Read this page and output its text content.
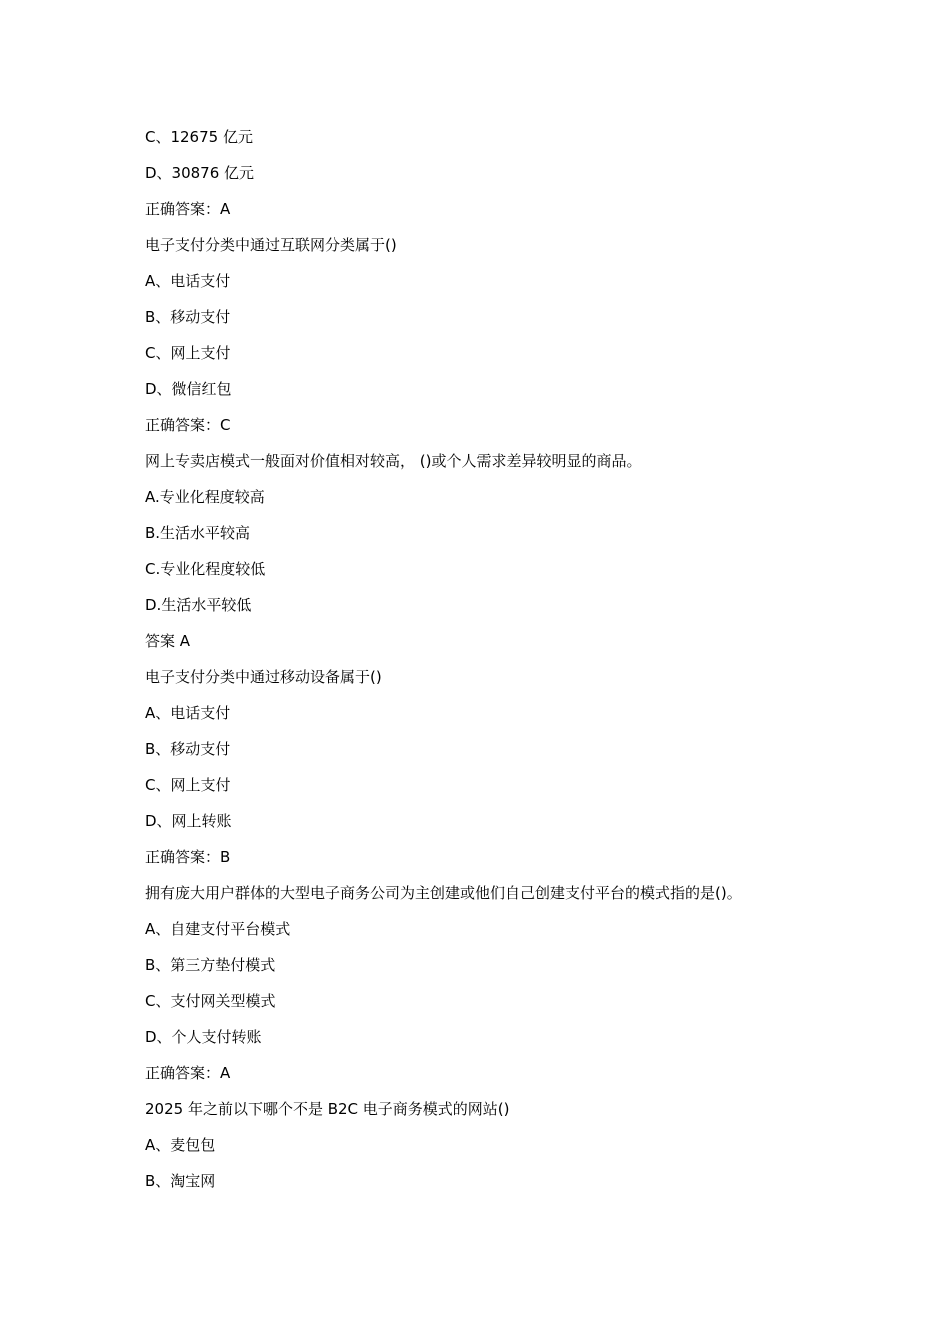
C、12675 亿元
D、30876 亿元
正确答案：A
电子支付分类中通过互联网分类属于()
A、电话支付
B、移动支付
C、网上支付
D、微信红包
正确答案：C
网上专卖店模式一般面对价值相对较高， ()或个人需求差异较明显的商品。
A.专业化程度较高
B.生活水平较高
C.专业化程度较低
D.生活水平较低
答案 A
电子支付分类中通过移动设备属于()
A、电话支付
B、移动支付
C、网上支付
D、网上转账
正确答案：B
拥有庞大用户群体的大型电子商务公司为主创建或他们自己创建支付平台的模式指的是()。
A、自建支付平台模式
B、第三方垫付模式
C、支付网关型模式
D、个人支付转账
正确答案：A
2025 年之前以下哪个不是 B2C 电子商务模式的网站()
A、麦包包
B、淘宝网
